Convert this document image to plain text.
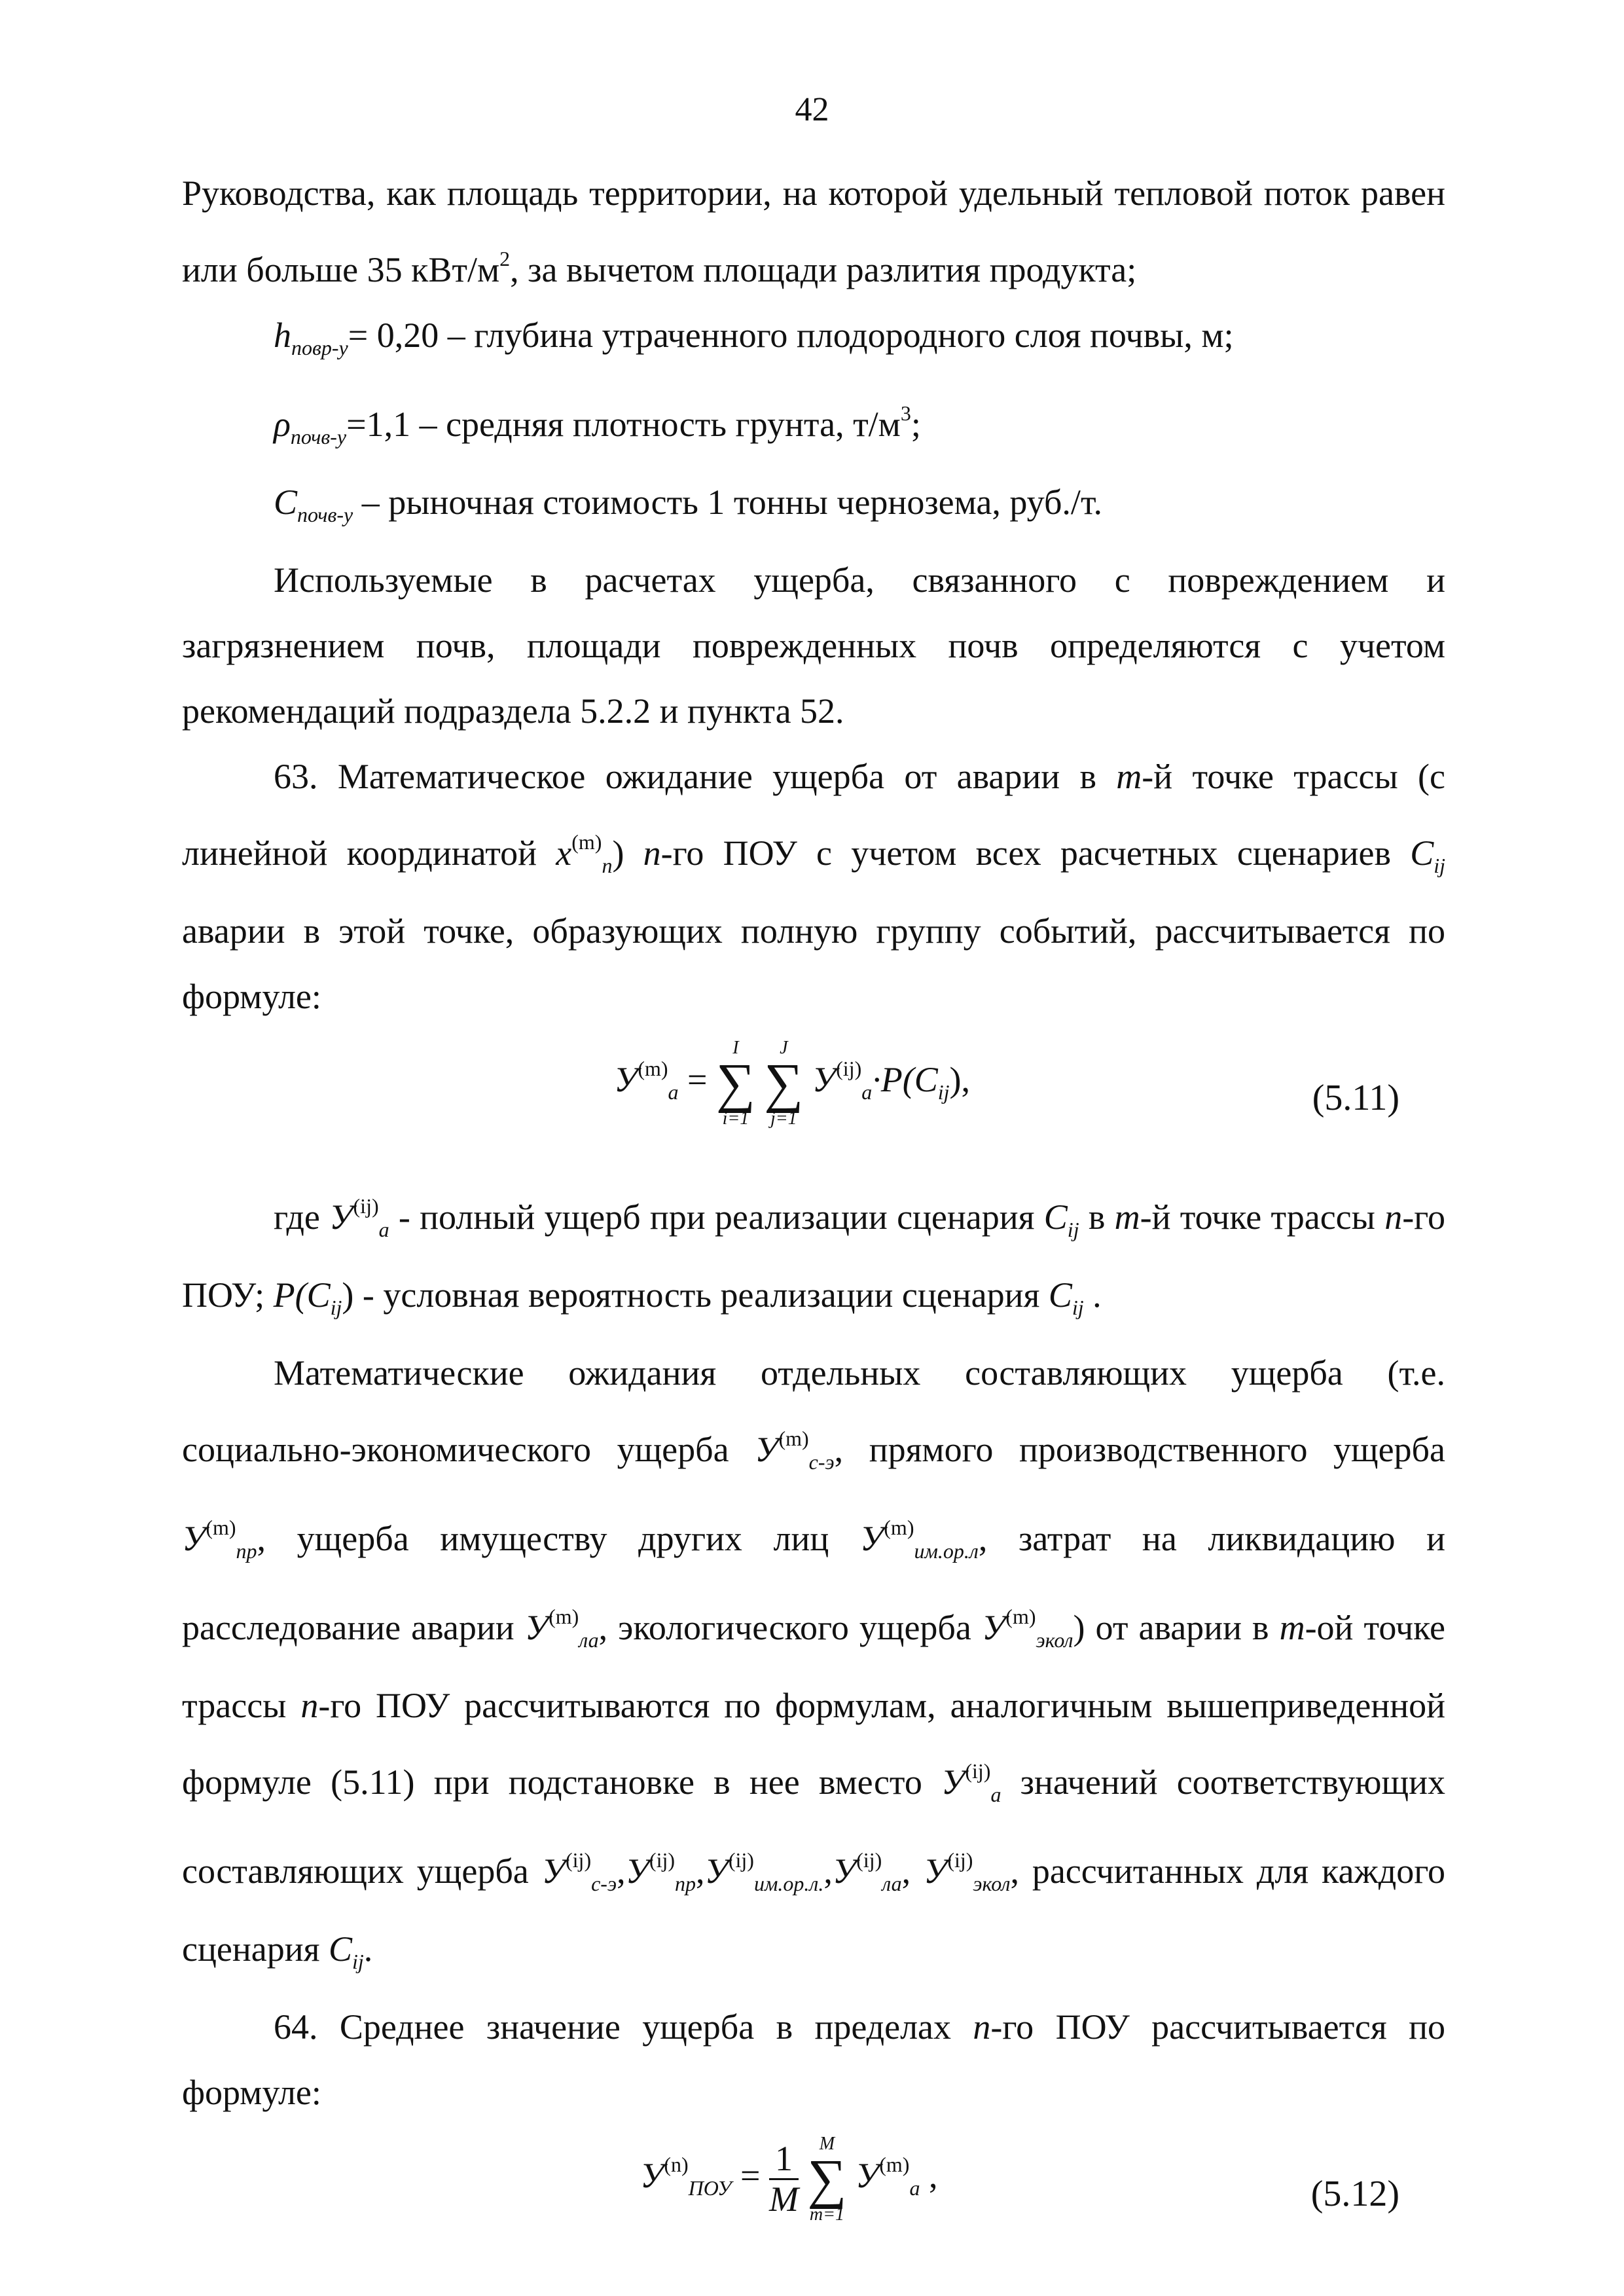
42

Руководства, как площадь территории, на которой удельный тепловой поток равен или больше 35 кВт/$м^2$, за вычетом площади разлития продукта;

$h_{повр-у}= 0,20$ – глубина утраченного плодородного слоя почвы, м;

$\rho_{почв-у}=1,1$ – средняя плотность грунта, $т/м^3$;

$С_{почв-у}$ – рыночная стоимость 1 тонны чернозема, руб./т.

Используемые в расчетах ущерба, связанного с повреждением и загрязнением почв, площади поврежденных почв определяются с учетом рекомендаций подраздела 5.2.2 и пункта 52.

63. Математическое ожидание ущерба от аварии в m-й точке трассы (с линейной координатой $x^{(m)}_n$) n-го ПОУ с учетом всех расчетных сценариев $C_{ij}$ аварии в этой точке, образующих полную группу событий, рассчитывается по формуле:

$У^{(m)}_a$ =
I
∑
i=1

J
∑
j=1
$У^{(ij)}_a\cdot P(C_{ij})$,	(5.11)

где $У^{(ij)}_a$ - полный ущерб при реализации сценария $C_{ij}$ в m-й точке трассы n-го ПОУ; $P(C_{ij})$ - условная вероятность реализации сценария $C_{ij}$ .

Математические ожидания отдельных составляющих ущерба (т.е. социально-экономического ущерба $У^{(m)}_{с-э}$, прямого производственного ущерба $У^{(m)}_{пр}$, ущерба имуществу других лиц $У^{(m)}_{им.ор.л}$, затрат на ликвидацию и расследование аварии $У^{(m)}_{ла}$, экологического ущерба $У^{(m)}_{экол}$) от аварии в m-ой точке трассы n-го ПОУ рассчитываются по формулам, аналогичным вышеприведенной формуле (5.11) при подстановке в нее вместо $У^{(ij)}_a$ значений соответствующих составляющих ущерба $У^{(ij)}_{с-э},У^{(ij)}_{пр},У^{(ij)}_{им.ор.л.},У^{(ij)}_{ла}$, $У^{(ij)}_{экол}$, рассчитанных для каждого сценария $C_{ij}$.

64. Среднее значение ущерба в пределах n-го ПОУ рассчитывается по формуле:

$У^{(n)}_{ПОУ} = \frac{1}{M}$
	M
∑
m=1
$У^{(m)}_a$ ,	(5.12)
